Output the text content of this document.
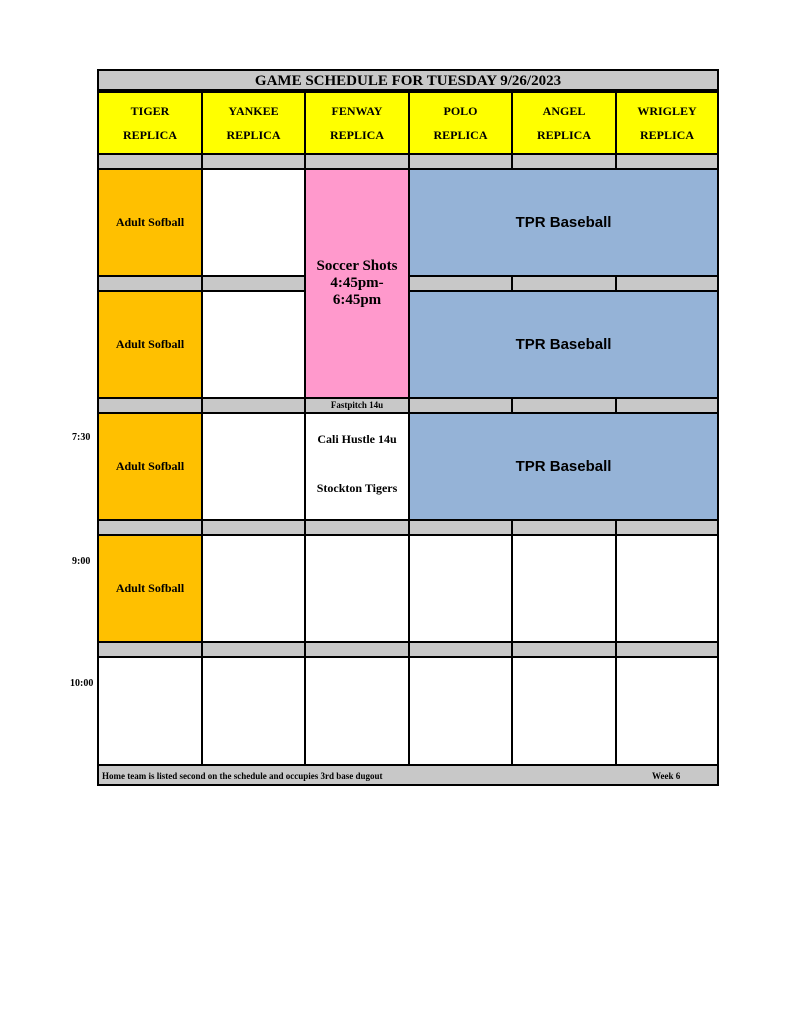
GAME SCHEDULE FOR TUESDAY 9/26/2023
TIGER
REPLICA
YANKEE
REPLICA
FENWAY
REPLICA
POLO
REPLICA
ANGEL
REPLICA
WRIGLEY
REPLICA
Adult Sofball
Soccer Shots 4:45pm-6:45pm
TPR Baseball
Adult Sofball	TPR Baseball
Fastpitch 14u
7:30
Adult Sofball
Cali Hustle 14u
Stockton Tigers
TPR Baseball
9:00
Adult Sofball
10:00
Home team is listed second on the schedule and occupies 3rd base dugout	Week 6
